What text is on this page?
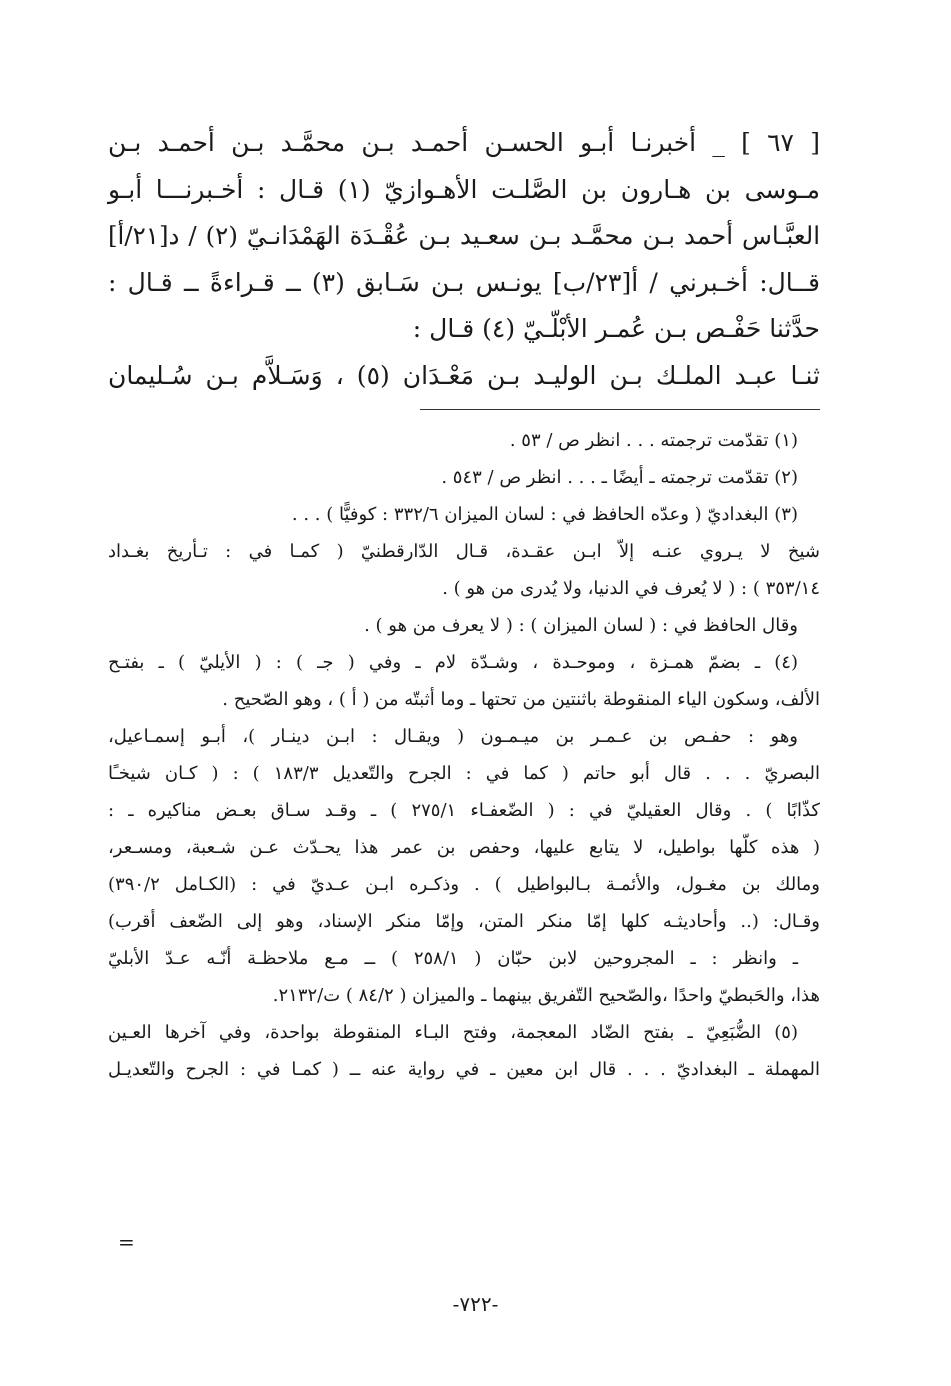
[ ٦٧ ] _ أخبرنـا أبـو الحسـن أحمـد بـن محمَّـد بـن أحمـد بـن
مـوسى بن هـارون بن الصَّلـت الأهـوازيّ (١) قـال : أخـبرنـــا أبـو
العبَّـاس أحمد بـن محمَّـد بـن سعـيد بـن عُقْـدَة الهَمْدَانـيّ (٢) / د[٢١/أ]
قــال: أخـبرني / أ[٢٣/ب] يونـس بـن سَـابق (٣) ــ قـراءةً ــ قـال :
حدَّثنا حَفْـص بـن عُمـر الأبْلّـيّ (٤) قـال :
ثنـا عبـد الملـك بـن الوليـد بـن مَعْـدَان (٥) ، وَسَـلاَّم بـن سُـليمان
(١) تقدّمت ترجمته . . . انظر ص / ٥٣ .
(٢) تقدّمت ترجمته ـ أيضًا ـ . . . انظر ص / ٥٤٣ .
(٣) البغداديّ ( وعدّه الحافظ في : لسان الميزان ٣٣٢/٦ : كوفيًّا ) . . .
شيخ لا يـروي عنـه إلاّ ابـن عقـدة، قـال الدّارقطنيّ ( كمـا في : تـأريخ بغـداد
٣٥٣/١٤ ) : ( لا يُعرف في الدنيا، ولا يُدرى من هو ) .
وقال الحافظ في : ( لسان الميزان ) : ( لا يعرف من هو ) .
(٤) ـ بضمّ همـزة ، وموحـدة ، وشـدّة لام ـ وفي ( جـ ) : ( الأيليّ ) ـ بفتـح
الألف، وسكون الياء المنقوطة باثنتين من تحتها ـ وما أثبتّه من ( أ ) ، وهو الصّحيح .
وهو : حفـص بن عـمـر بن ميـمـون ( ويقـال : ابـن دينـار )، أبـو إسمـاعيل،
البصريّ . . . قال أبو حاتم ( كما في : الجرح والتّعديل ١٨٣/٣ ) : ( كـان شيخـًا
كذّابًا ) . وقال العقيليّ في : ( الضّعفـاء ٢٧٥/١ ) ـ وقـد سـاق بعـض مناكيره ـ :
( هذه كلّها بواطيل، لا يتابع عليها، وحفص بن عمر هذا يحـدّث عـن شـعبة، ومسـعر،
ومالك بن مغـول، والأئمـة بـالبواطيل ) . وذكـره ابـن عـديّ في : (الكـامل ٣٩٠/٢)
وقـال: (.. وأحاديثـه كلها إمّا منكر المتن، وإمّا منكر الإسناد، وهو إلى الضّعف أقرب)
ـ وانظر : ـ المجروحين لابن حبّان ( ٢٥٨/١ ) ــ مـع ملاحظـة أنّـه عـدّ الأبليّ
هذا، والحَبطيّ واحدًا ،والصّحيح التّفريق بينهما ـ والميزان ( ٨٤/٢ ) ت/٢١٣٢.
(٥) الضُّبَعِيّ ـ بفتح الضّاد المعجمة، وفتح البـاء المنقوطة بواحدة، وفي آخرها العـين
المهملة ـ البغداديّ . . . قال ابن معين ـ في رواية عنه ــ ( كمـا في : الجرح والتّعديـل
=
-٧٢٢-
